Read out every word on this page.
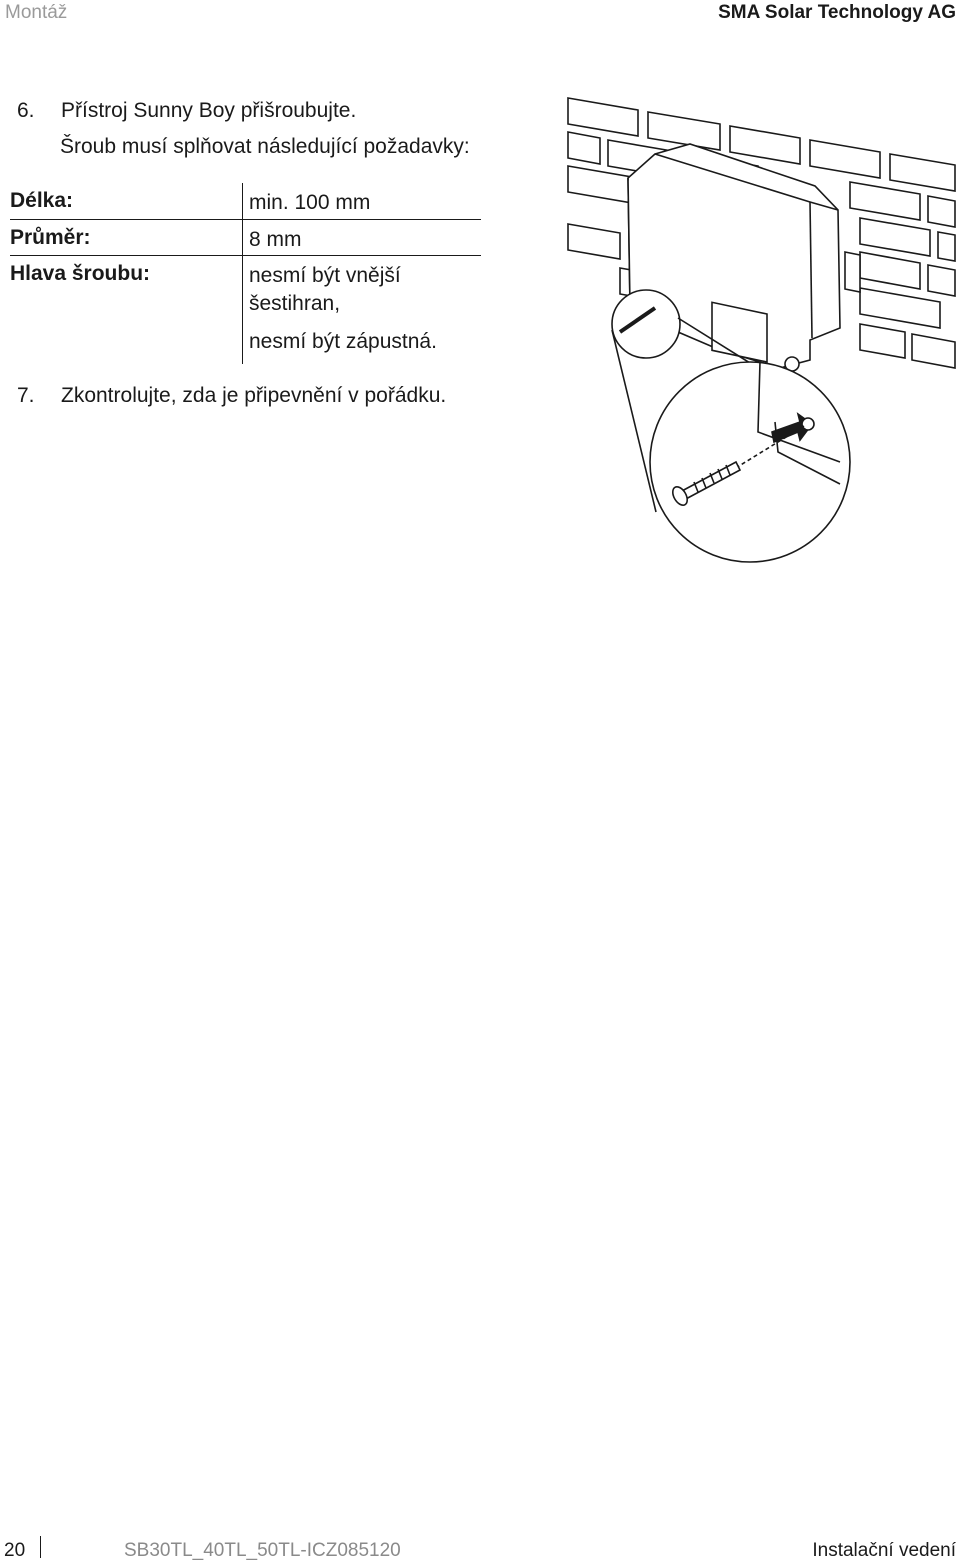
Montáž	SMA Solar Technology AG
6. Přístroj Sunny Boy přišroubujte.
Šroub musí splňovat následující požadavky:
Délka:	min. 100 mm
Průměr:	8 mm
Hlava šroubu:	nesmí být vnější šestihran,

nesmí být zápustná.

7. Zkontrolujte, zda je připevnění v pořádku.
20	SB30TL_40TL_50TL-ICZ085120	Instalační vedení
